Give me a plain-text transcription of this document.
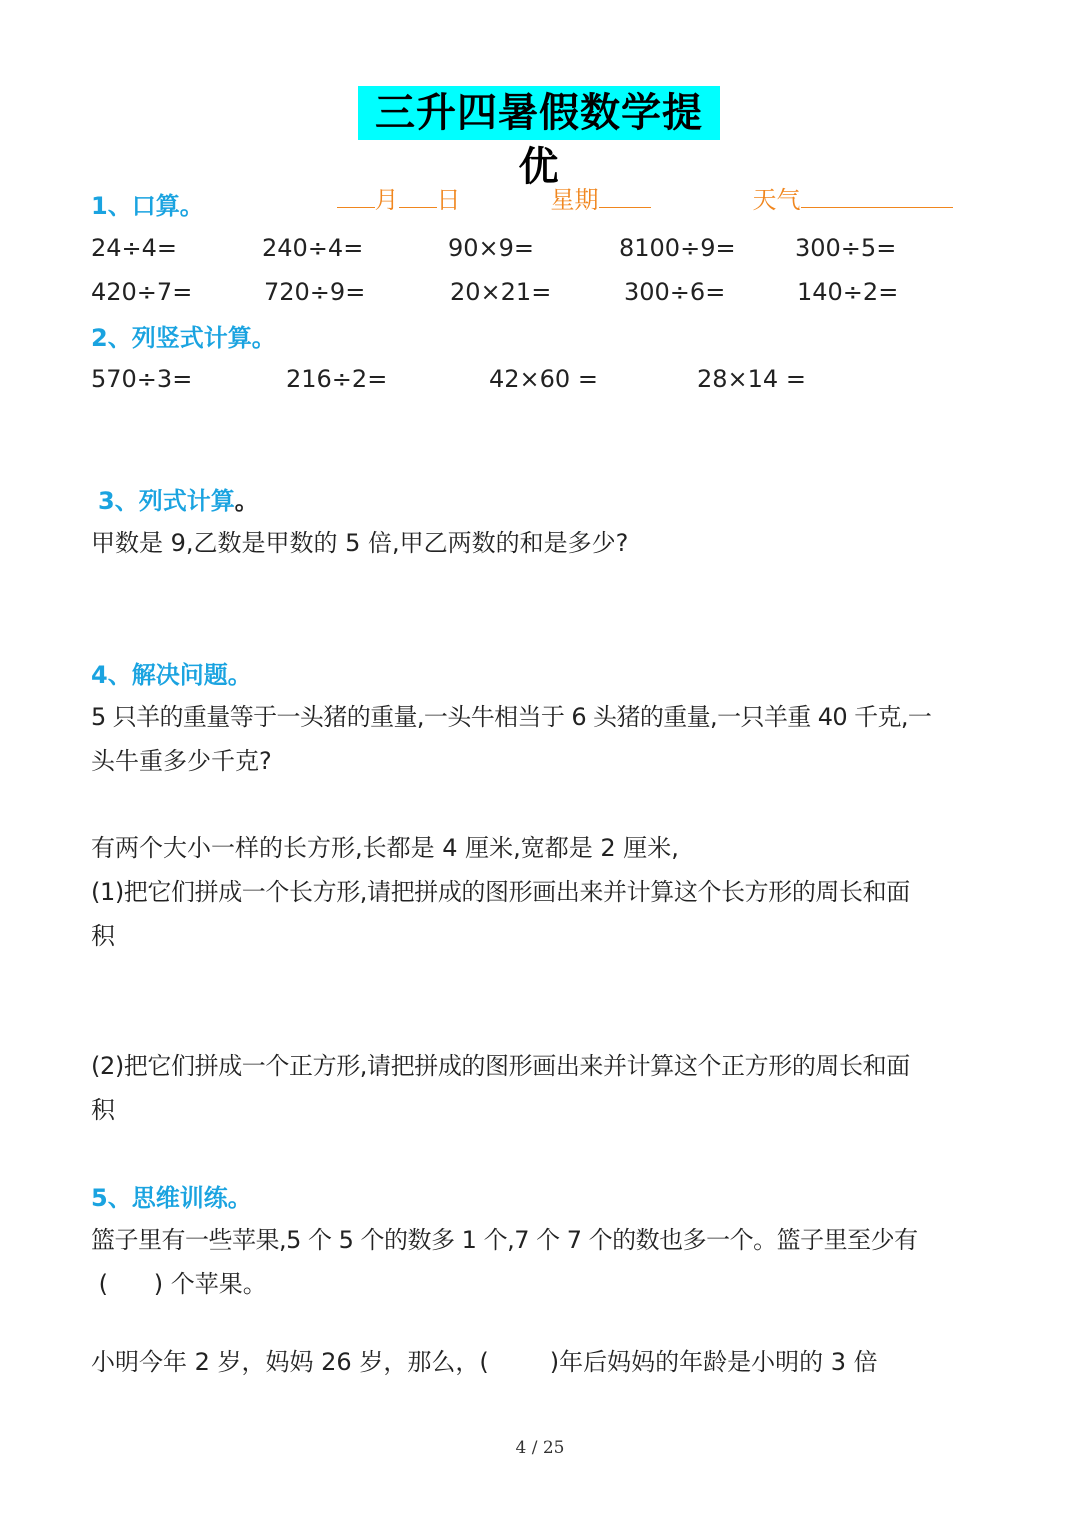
三升四暑假数学提优

月 日
	星期
	天气

1、口算。
24÷4=	240÷4=	90×9=	8100÷9= 300÷5=
420÷7=	720÷9=	20×21=	300÷6=	140÷2=
2、列竖式计算。
570÷3=	216÷2=	42×60 =	28×14 =
3、列式计算。
甲数是 9,乙数是甲数的 5 倍,甲乙两数的和是多少?
4、解决问题。
5 只羊的重量等于一头猪的重量,一头牛相当于 6 头猪的重量,一只羊重 40 千克,一
头牛重多少千克?
有两个大小一样的长方形,长都是 4 厘米,宽都是 2 厘米,
(1)把它们拼成一个长方形,请把拼成的图形画出来并计算这个长方形的周长和面
积
(2)把它们拼成一个正方形,请把拼成的图形画出来并计算这个正方形的周长和面
积
5、思维训练。
篮子里有一些苹果,5 个 5 个的数多 1 个,7 个 7 个的数也多一个。篮子里至少有
(      ) 个苹果。
小明今年 2 岁，妈妈 26 岁，那么，(        )年后妈妈的年龄是小明的 3 倍
4 / 25
